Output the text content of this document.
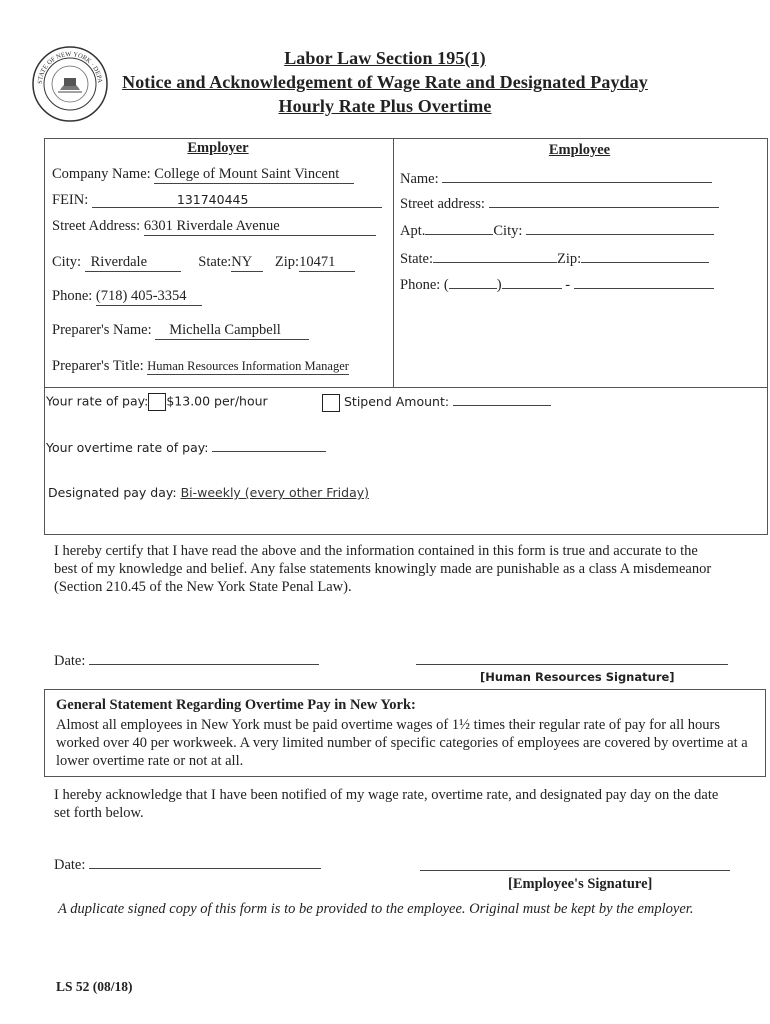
STATE OF NEW YORK · DEPA
Labor Law Section 195(1)
Notice and Acknowledgement of Wage Rate and Designated Payday
Hourly Rate Plus Overtime
Employer
Company Name: College of Mount Saint Vincent
FEIN:	131740445
Street Address: 6301 Riverdale Avenue
City: Riverdale	State:NY Zip:10471
Phone: (718) 405-3354
Preparer's Name: Michella Campbell
Preparer's Title: Human Resources Information Manager
Employee
Name:
Street address:
Apt.	City:
State:	Zip:
Phone: (	)	-
Your rate of pay: $13.00 per/hour	Stipend Amount:
Your overtime rate of pay:
Designated pay day: Bi-weekly (every other Friday)
I hereby certify that I have read the above and the information contained in this form is true and accurate to the best of my knowledge and belief. Any false statements knowingly made are punishable as a class A misdemeanor (Section 210.45 of the New York State Penal Law).
Date:
[Human Resources Signature]
General Statement Regarding Overtime Pay in New York:
Almost all employees in New York must be paid overtime wages of 1½ times their regular rate of pay for all hours worked over 40 per workweek. A very limited number of specific categories of employees are covered by overtime at a lower overtime rate or not at all.
I hereby acknowledge that I have been notified of my wage rate, overtime rate, and designated pay day on the date set forth below.
Date:
[Employee's Signature]
A duplicate signed copy of this form is to be provided to the employee. Original must be kept by the employer.
LS 52 (08/18)
